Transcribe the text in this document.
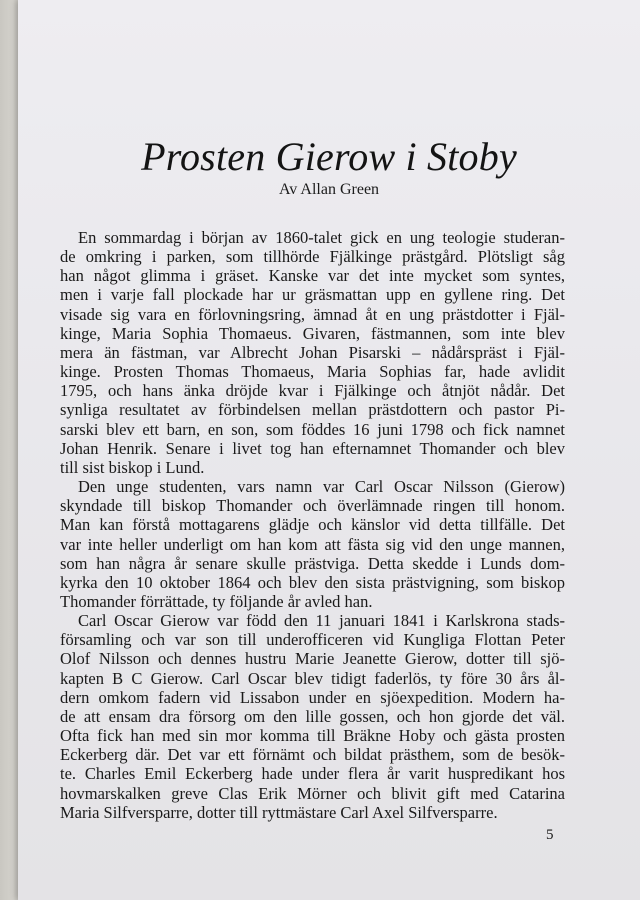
Prosten Gierow i Stoby
Av Allan Green
En sommardag i början av 1860-talet gick en ung teologie studeran-
de omkring i parken, som tillhörde Fjälkinge prästgård. Plötsligt såg
han något glimma i gräset. Kanske var det inte mycket som syntes,
men i varje fall plockade har ur gräsmattan upp en gyllene ring. Det
visade sig vara en förlovningsring, ämnad åt en ung prästdotter i Fjäl-
kinge, Maria Sophia Thomaeus. Givaren, fästmannen, som inte blev
mera än fästman, var Albrecht Johan Pisarski – nådårspräst i Fjäl-
kinge. Prosten Thomas Thomaeus, Maria Sophias far, hade avlidit
1795, och hans änka dröjde kvar i Fjälkinge och åtnjöt nådår. Det
synliga resultatet av förbindelsen mellan prästdottern och pastor Pi-
sarski blev ett barn, en son, som föddes 16 juni 1798 och fick namnet
Johan Henrik. Senare i livet tog han efternamnet Thomander och blev
till sist biskop i Lund.
Den unge studenten, vars namn var Carl Oscar Nilsson (Gierow)
skyndade till biskop Thomander och överlämnade ringen till honom.
Man kan förstå mottagarens glädje och känslor vid detta tillfälle. Det
var inte heller underligt om han kom att fästa sig vid den unge mannen,
som han några år senare skulle prästviga. Detta skedde i Lunds dom-
kyrka den 10 oktober 1864 och blev den sista prästvigning, som biskop
Thomander förrättade, ty följande år avled han.
Carl Oscar Gierow var född den 11 januari 1841 i Karlskrona stads-
församling och var son till underofficeren vid Kungliga Flottan Peter
Olof Nilsson och dennes hustru Marie Jeanette Gierow, dotter till sjö-
kapten B C Gierow. Carl Oscar blev tidigt faderlös, ty före 30 års ål-
dern omkom fadern vid Lissabon under en sjöexpedition. Modern ha-
de att ensam dra försorg om den lille gossen, och hon gjorde det väl.
Ofta fick han med sin mor komma till Bräkne Hoby och gästa prosten
Eckerberg där. Det var ett förnämt och bildat prästhem, som de besök-
te. Charles Emil Eckerberg hade under flera år varit huspredikant hos
hovmarskalken greve Clas Erik Mörner och blivit gift med Catarina
Maria Silfversparre, dotter till ryttmästare Carl Axel Silfversparre.
5
